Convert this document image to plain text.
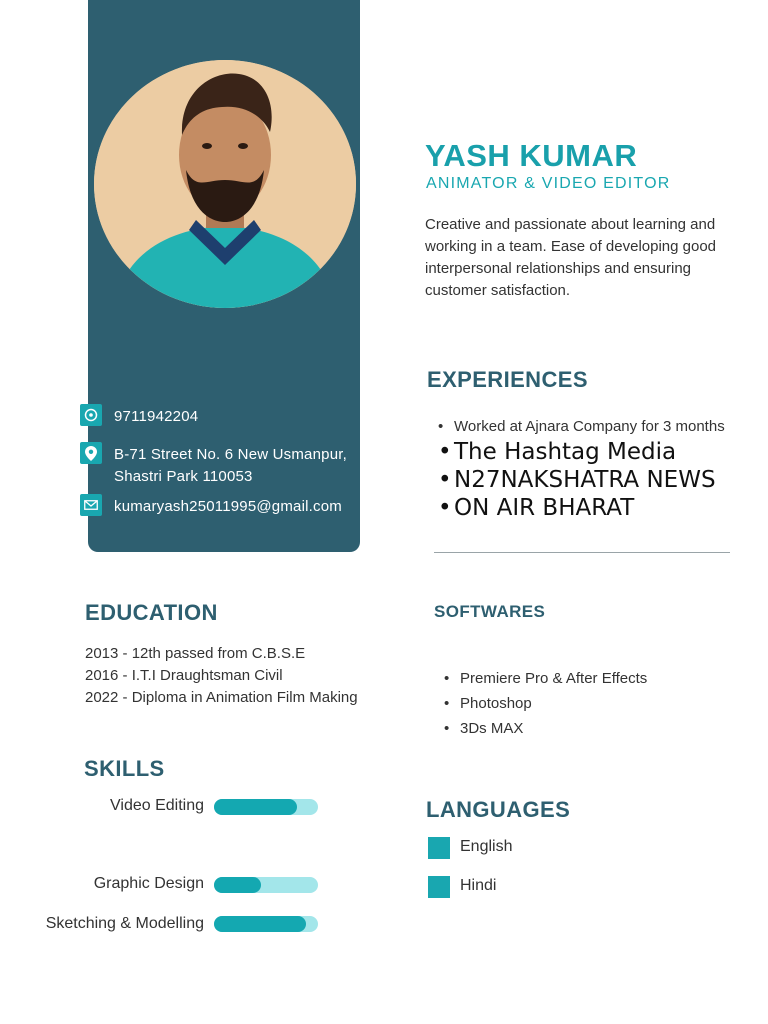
9711942204
B-71 Street No. 6 New Usmanpur, Shastri Park 110053
kumaryash25011995@gmail.com
YASH KUMAR
ANIMATOR & VIDEO EDITOR
Creative and passionate about learning and working in a team. Ease of developing good interpersonal relationships and ensuring customer satisfaction.
EXPERIENCES
• Worked at Ajnara Company for 3 months
• The Hashtag Media
• N27NAKSHATRA NEWS
• ON AIR BHARAT
SOFTWARES
• Premiere Pro & After Effects
• Photoshop
• 3Ds MAX
EDUCATION
2013 - 12th passed from C.B.S.E
2016 - I.T.I Draughtsman Civil
2022 - Diploma in Animation Film Making
SKILLS
Video Editing
Graphic Design
Sketching & Modelling
LANGUAGES
English
Hindi
